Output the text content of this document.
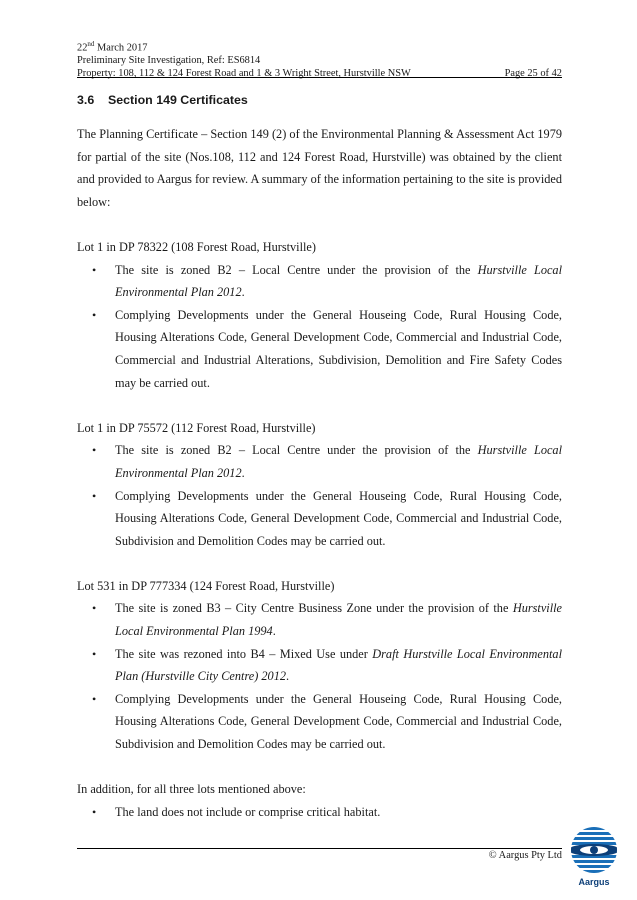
22nd March 2017
Preliminary Site Investigation, Ref: ES6814
Property: 108, 112 & 124 Forest Road and 1 & 3 Wright Street, Hurstville NSW	Page 25 of 42
3.6 Section 149 Certificates

The Planning Certificate – Section 149 (2) of the Environmental Planning & Assessment Act 1979 for partial of the site (Nos.108, 112 and 124 Forest Road, Hurstville) was obtained by the client and provided to Aargus for review. A summary of the information pertaining to the site is provided below:

Lot 1 in DP 78322 (108 Forest Road, Hurstville)

• The site is zoned B2 – Local Centre under the provision of the Hurstville Local Environmental Plan 2012.
• Complying Developments under the General Houseing Code, Rural Housing Code, Housing Alterations Code, General Development Code, Commercial and Industrial Code, Commercial and Industrial Alterations, Subdivision, Demolition and Fire Safety Codes may be carried out.

Lot 1 in DP 75572 (112 Forest Road, Hurstville)

• The site is zoned B2 – Local Centre under the provision of the Hurstville Local Environmental Plan 2012.
• Complying Developments under the General Houseing Code, Rural Housing Code, Housing Alterations Code, General Development Code, Commercial and Industrial Code, Subdivision and Demolition Codes may be carried out.

Lot 531 in DP 777334 (124 Forest Road, Hurstville)

• The site is zoned B3 – City Centre Business Zone under the provision of the Hurstville Local Environmental Plan 1994.
• The site was rezoned into B4 – Mixed Use under Draft Hurstville Local Environmental Plan (Hurstville City Centre) 2012.
• Complying Developments under the General Houseing Code, Rural Housing Code, Housing Alterations Code, General Development Code, Commercial and Industrial Code, Subdivision and Demolition Codes may be carried out.

In addition, for all three lots mentioned above:

• The land does not include or comprise critical habitat.
© Aargus Pty Ltd
Aargus
